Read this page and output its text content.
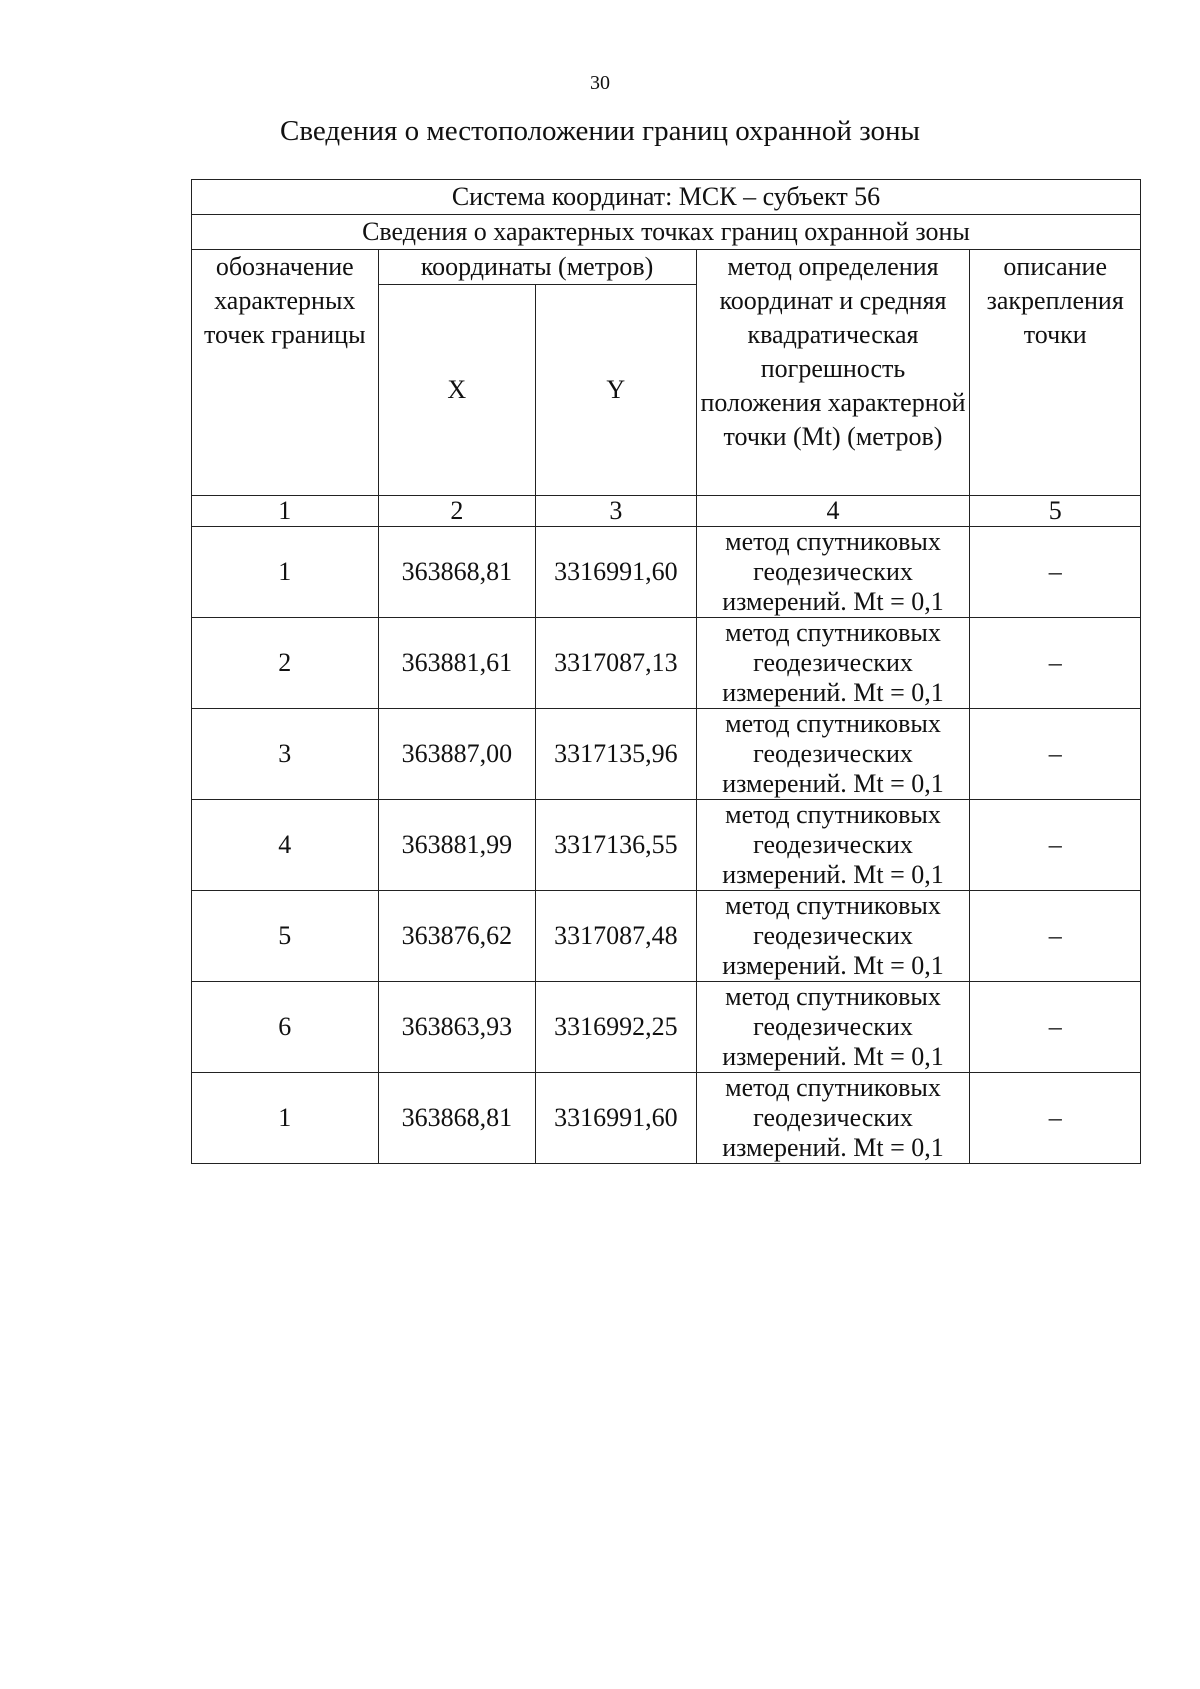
30
Сведения о местоположении границ охранной зоны
Система координат: МСК – субъект 56				
Сведения о характерных точках границ охранной зоны				
обозначение характерных точек границы	координаты (метров)		метод определения координат и средняя квадратическая погрешность положения характерной точки (Mt) (метров)	описание закрепления точки
	X	Y		
1	2	3	4	5
1	363868,81	3316991,60	метод спутниковых геодезических измерений. Mt = 0,1	–
2	363881,61	3317087,13	метод спутниковых геодезических измерений. Mt = 0,1	–
3	363887,00	3317135,96	метод спутниковых геодезических измерений. Mt = 0,1	–
4	363881,99	3317136,55	метод спутниковых геодезических измерений. Mt = 0,1	–
5	363876,62	3317087,48	метод спутниковых геодезических измерений. Mt = 0,1	–
6	363863,93	3316992,25	метод спутниковых геодезических измерений. Mt = 0,1	–
1	363868,81	3316991,60	метод спутниковых геодезических измерений. Mt = 0,1	–
